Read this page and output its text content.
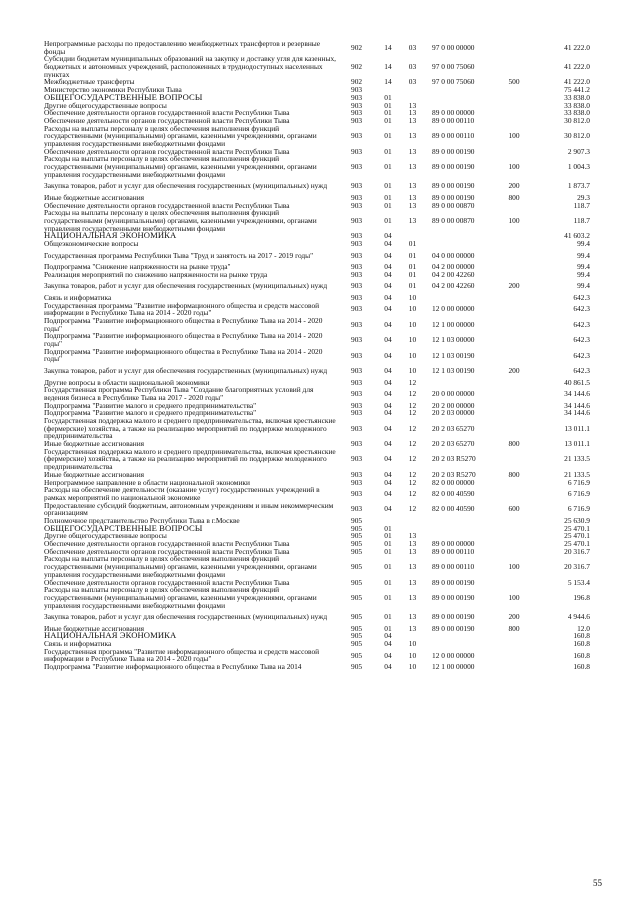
Непрограммные расходы по предоставлению межбюджетных трансфертов и резервные фонды	902	14	03	97 0 00 00000	41 222.0
Субсидии бюджетам муниципальных образований на закупку и доставку угля для казенных, бюджетных и автономных учреждений, расположенных в труднодоступных населенных пунктах
902	14	03	97 0 00 75060	41 222.0
Межбюджетные трансферты	902	14	03	97 0 00 75060	500	41 222.0
Министерство экономики Республики Тыва	903	75 441.2
ОБЩЕГОСУДАРСТВЕННЫЕ ВОПРОСЫ	903	01	33 838.0
Другие общегосударственные вопросы	903	01	13	33 838.0
Обеспечение деятельности органов государственной власти Республики Тыва	903	01	13	89 0 00 00000	33 838.0
Обеспечение деятельности органов государственной власти Республики Тыва	903	01	13	89 0 00 00110	30 812.0
Расходы на выплаты персоналу в целях обеспечения выполнения функций государственными (муниципальными) органами, казенными учреждениями, органами управления государственными внебюджетными фондами
903	01	13	89 0 00 00110	100	30 812.0
Обеспечение деятельности органов государственной власти Республики Тыва	903	01	13	89 0 00 00190	2 907.3
Расходы на выплаты персоналу в целях обеспечения выполнения функций государственными (муниципальными) органами, казенными учреждениями, органами управления государственными внебюджетными фондами
903	01	13	89 0 00 00190	100	1 004.3
Закупка товаров, работ и услуг для обеспечения государственных (муниципальных) нужд	903	01	13	89 0 00 00190	200	1 873.7
Иные бюджетные ассигнования	903	01	13	89 0 00 00190	800	29.3
Обеспечение деятельности органов государственной власти Республики Тыва	903	01	13	89 0 00 00870	118.7
Расходы на выплаты персоналу в целях обеспечения выполнения функций государственными (муниципальными) органами, казенными учреждениями, органами управления государственными внебюджетными фондами
903	01	13	89 0 00 00870	100	118.7
НАЦИОНАЛЬНАЯ ЭКОНОМИКА	903	04	41 603.2
Общеэкономические вопросы	903	04	01	99.4
Государственная программа Республики Тыва "Труд и занятость на 2017 - 2019 годы"	903	04	01	04 0 00 00000	99.4
Подпрограмма "Снижение напряженности на рынке труда"	903	04	01	04 2 00 00000	99.4
Реализация мероприятий по снижению напряженности на рынке труда	903	04	01	04 2 00 42260	99.4
Закупка товаров, работ и услуг для обеспечения государственных (муниципальных) нужд	903	04	01	04 2 00 42260	200	99.4
Связь и информатика	903	04	10	642.3
Государственная программа "Развитие информационного общества и средств массовой информации в Республике Тыва на 2014 - 2020 годы"	903	04	10	12 0 00 00000	642.3
Подпрограмма "Развитие информационного общества в Республике Тыва на 2014 - 2020 годы"	903	04	10	12 1 00 00000	642.3
Подпрограмма "Развитие информационного общества в Республике Тыва на 2014 - 2020 годы"	903	04	10	12 1 03 00000	642.3
Подпрограмма "Развитие информационного общества в Республике Тыва на 2014 - 2020 годы"	903	04	10	12 1 03 00190	642.3
Закупка товаров, работ и услуг для обеспечения государственных (муниципальных) нужд	903	04	10	12 1 03 00190	200	642.3
Другие вопросы в области национальной экономики	903	04	12	40 861.5
Государственная программа Республики Тыва "Создание благоприятных условий для ведения бизнеса в Республике Тыва на 2017 - 2020 годы"	903	04	12	20 0 00 00000	34 144.6
Подпрограмма "Развитие малого и среднего предпринимательства"	903	04	12	20 2 00 00000	34 144.6
Подпрограмма "Развитие малого и среднего предпринимательства"	903	04	12	20 2 03 00000	34 144.6
Государственная поддержка малого и среднего предпринимательства, включая крестьянские (фермерские) хозяйства, а также на реализацию мероприятий по поддержке молодежного предпринимательства
903	04	12	20 2 03 65270	13 011.1
Иные бюджетные ассигнования	903	04	12	20 2 03 65270	800	13 011.1
Государственная поддержка малого и среднего предпринимательства, включая крестьянские (фермерские) хозяйства, а также на реализацию мероприятий по поддержке молодежного предпринимательства
903	04	12	20 2 03 R5270	21 133.5
Иные бюджетные ассигнования	903	04	12	20 2 03 R5270	800	21 133.5
Непрограммное направление в области национальной экономики	903	04	12	82 0 00 00000	6 716.9
Расходы на обеспечение деятельности (оказание услуг) государственных учреждений в рамках мероприятий по национальной экономике	903	04	12	82 0 00 40590	6 716.9
Предоставление субсидий бюджетным, автономным учреждениям и иным некоммерческим организациям	903	04	12	82 0 00 40590	600	6 716.9
Полномочное представительство Республики Тыва в г.Москве	905	25 630.9
ОБЩЕГОСУДАРСТВЕННЫЕ ВОПРОСЫ	905	01	25 470.1
Другие общегосударственные вопросы	905	01	13	25 470.1
Обеспечение деятельности органов государственной власти Республики Тыва	905	01	13	89 0 00 00000	25 470.1
Обеспечение деятельности органов государственной власти Республики Тыва	905	01	13	89 0 00 00110	20 316.7
Расходы на выплаты персоналу в целях обеспечения выполнения функций государственными (муниципальными) органами, казенными учреждениями, органами управления государственными внебюджетными фондами
905	01	13	89 0 00 00110	100	20 316.7
Обеспечение деятельности органов государственной власти Республики Тыва	905	01	13	89 0 00 00190	5 153.4
Расходы на выплаты персоналу в целях обеспечения выполнения функций государственными (муниципальными) органами, казенными учреждениями, органами управления государственными внебюджетными фондами
905	01	13	89 0 00 00190	100	196.8
Закупка товаров, работ и услуг для обеспечения государственных (муниципальных) нужд	905	01	13	89 0 00 00190	200	4 944.6
Иные бюджетные ассигнования	905	01	13	89 0 00 00190	800	12.0
НАЦИОНАЛЬНАЯ ЭКОНОМИКА	905	04	160.8
Связь и информатика	905	04	10	160.8
Государственная программа "Развитие информационного общества и средств массовой информации в Республике Тыва на 2014 - 2020 годы"	905	04	10	12 0 00 00000	160.8
Подпрограмма "Развитие информационного общества в Республике Тыва на 2014	905	04	10	12 1 00 00000	160.8
55
